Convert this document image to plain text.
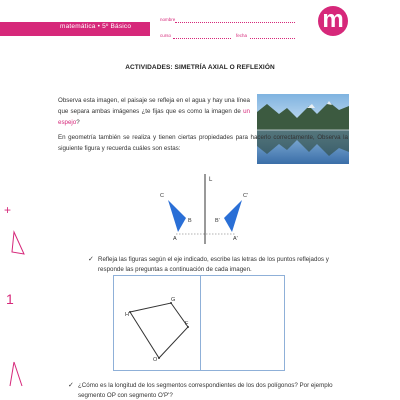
matemática • 5º Básico
nombre
curso	fecha
m
ACTIVIDADES: SIMETRÍA AXIAL O REFLEXIÓN
Observa esta imagen, el paisaje se refleja en el agua y hay una línea que separa ambas imágenes ¿te fijas que es como la imagen de un espejo?
En geometría también se realiza y tienen ciertas propiedades para hacerlo correctamente, Observa la siguiente figura y recuerda cuáles son estas:
L
C
B
A
C'
B'
A'
✓ Refleja las figuras según el eje indicado, escribe las letras de los puntos reflejados y responde las preguntas a continuación de cada imagen.
H
G
F
O
✓ ¿Cómo es la longitud de los segmentos correspondientes de los dos polígonos? Por ejemplo segmento OP con segmento O'P'?
+
1
